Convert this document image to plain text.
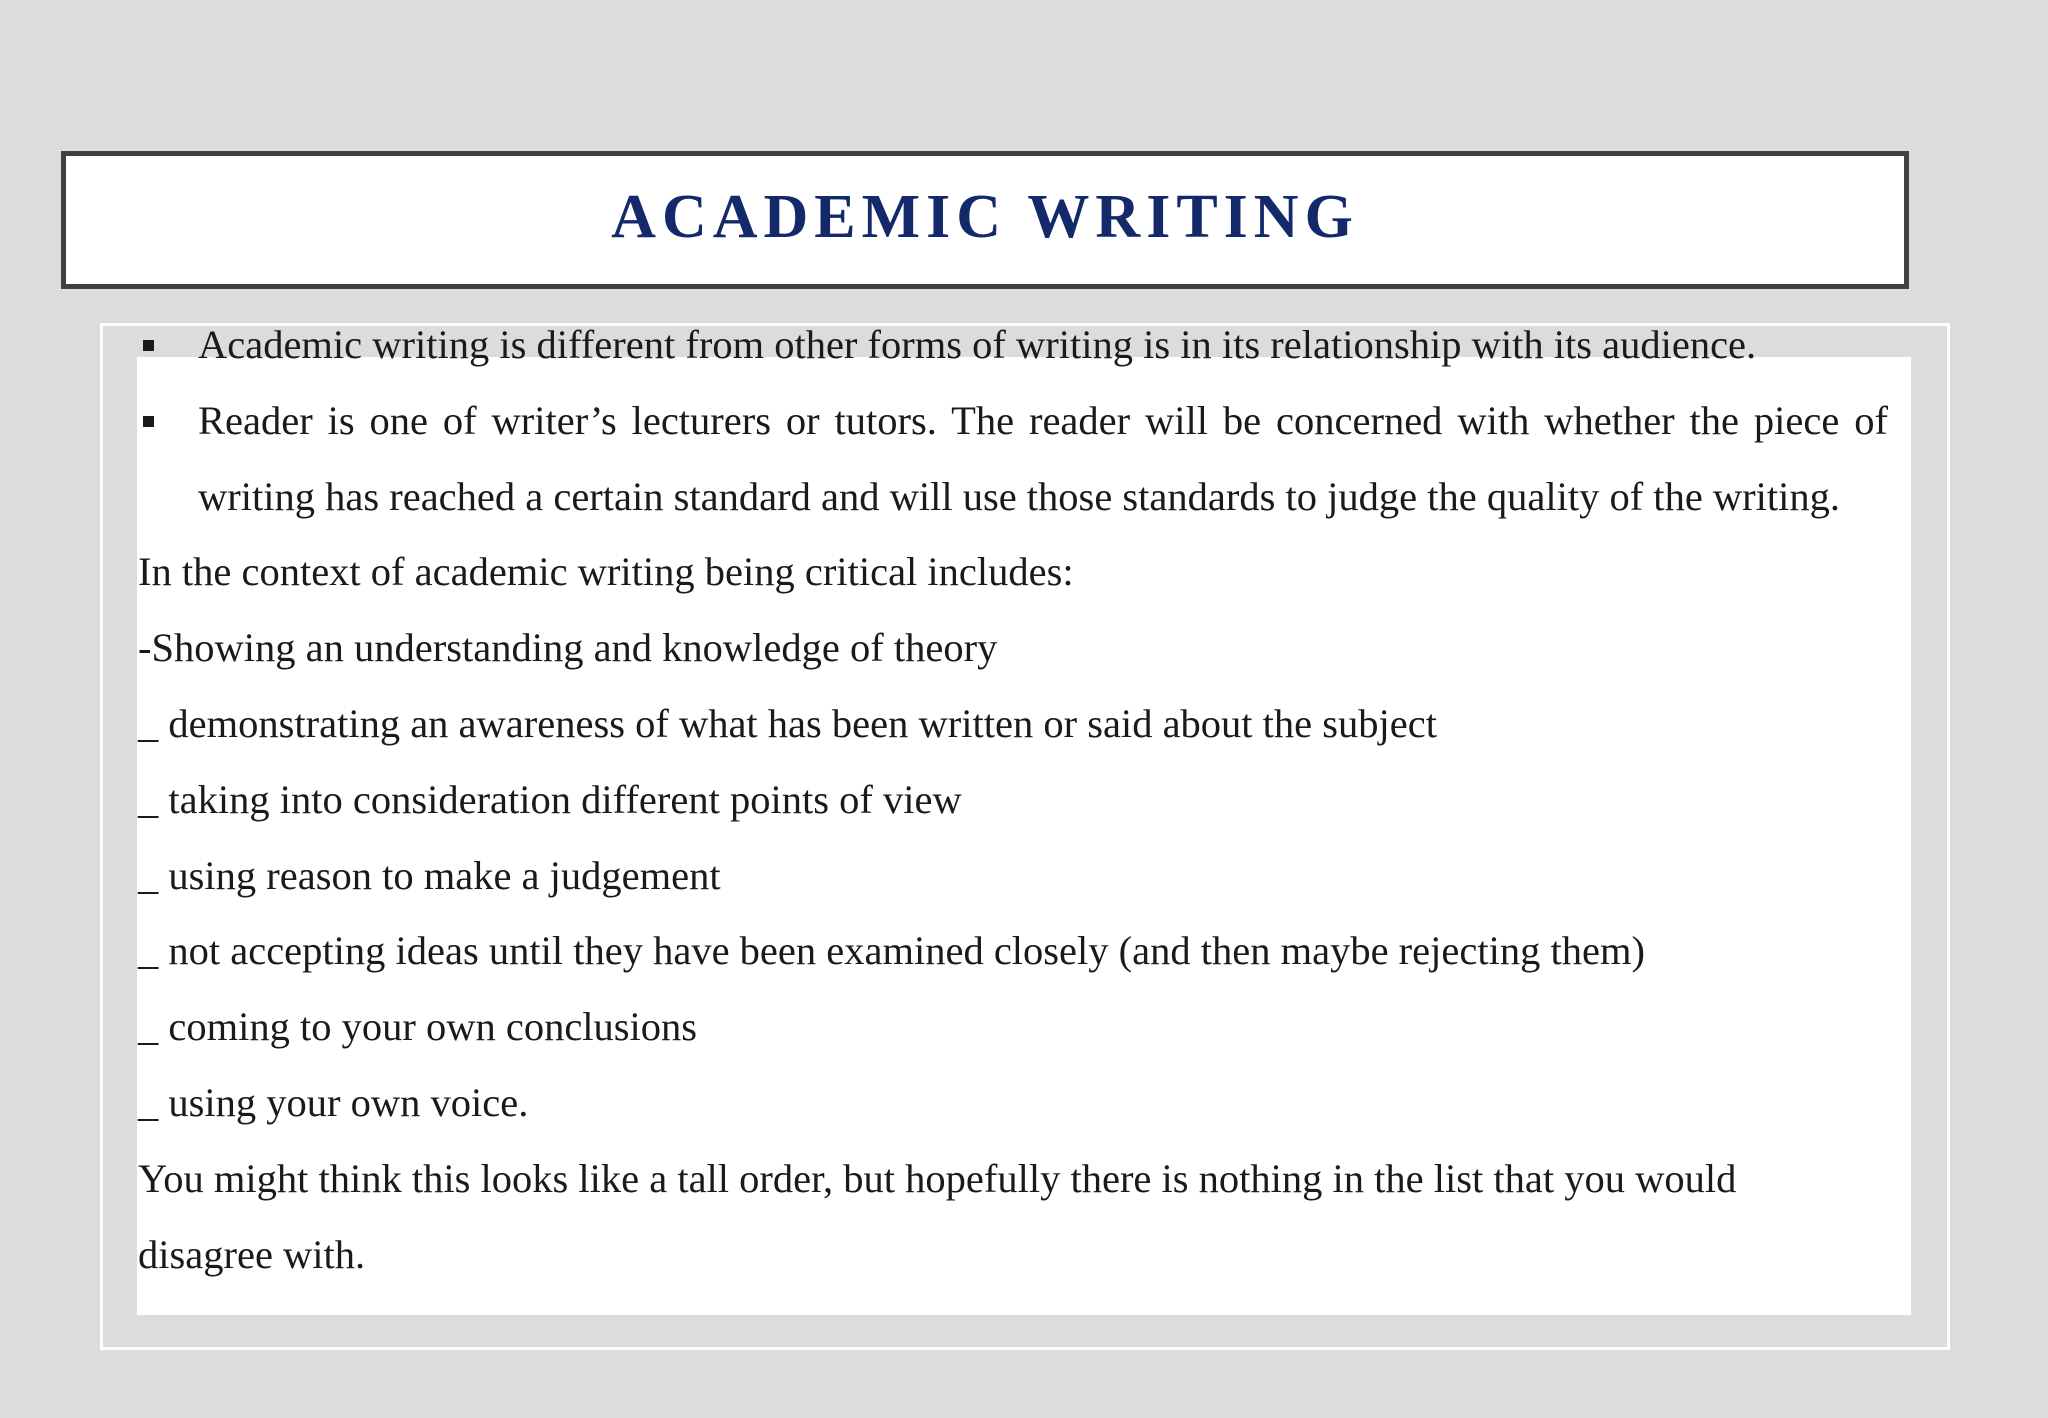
ACADEMIC WRITING
Academic writing is different from other forms of writing is in its relationship with its audience.
Reader is one of writer’s lecturers or tutors. The reader will be concerned with whether the piece of writing has reached a certain standard and will use those standards to judge the quality of the writing.

In the context of academic writing being critical includes:

-Showing an understanding and knowledge of theory

_ demonstrating an awareness of what has been written or said about the subject

_ taking into consideration different points of view

_ using reason to make a judgement

_ not accepting ideas until they have been examined closely (and then maybe rejecting them)

_ coming to your own conclusions

_ using your own voice.

You might think this looks like a tall order, but hopefully there is nothing in the list that you would

disagree with.
